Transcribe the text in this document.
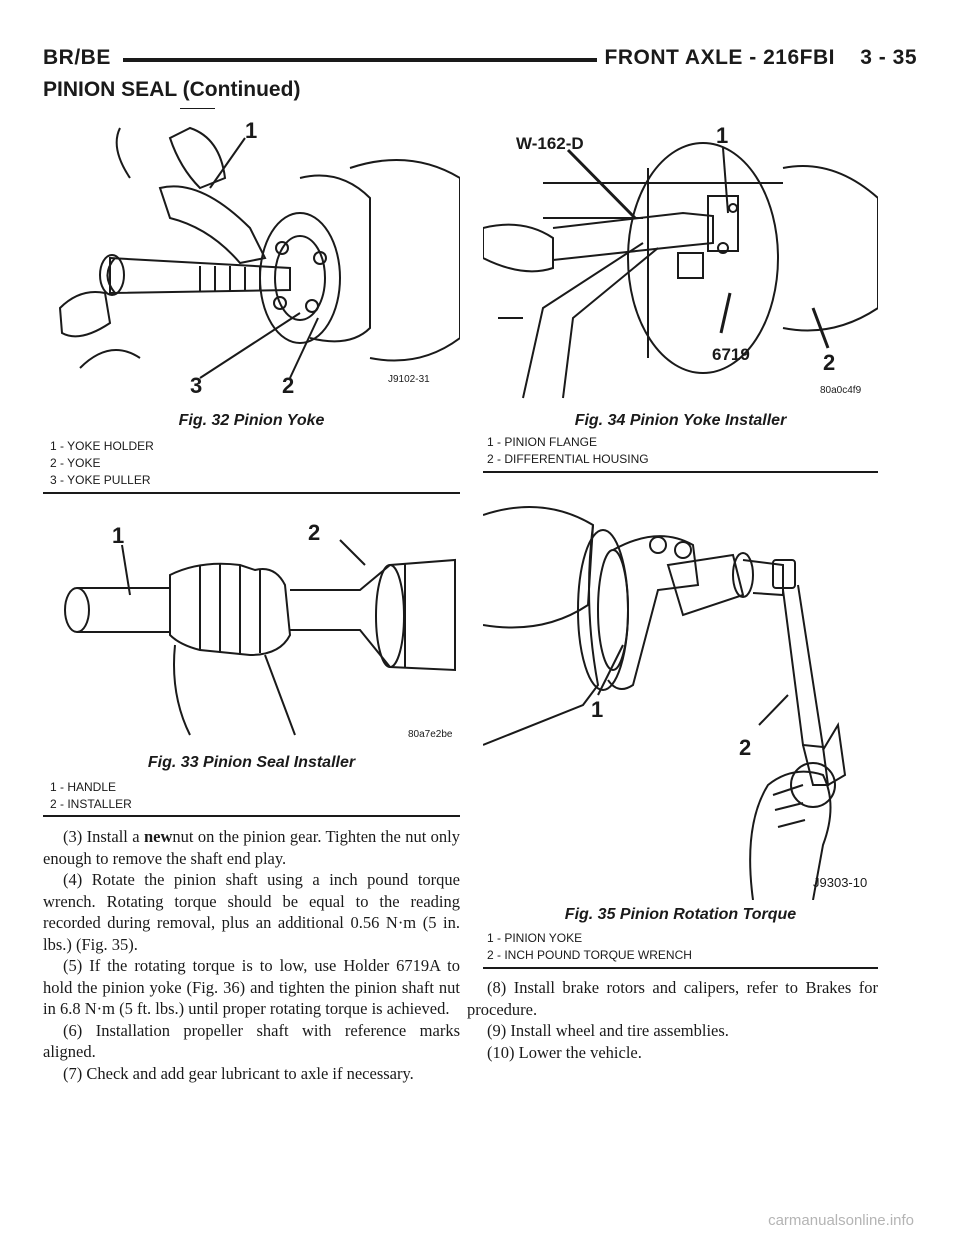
BR/BE	FRONT AXLE - 216FBI    3 - 35
PINION SEAL (Continued)
1
2
3	J9102-31
Fig. 32 Pinion Yoke
1 - YOKE HOLDER
2 - YOKE
3 - YOKE PULLER
1	2
80a7e2be
Fig. 33 Pinion Seal Installer
1 - HANDLE
2 - INSTALLER

(3) Install a newnut on the pinion gear. Tighten the nut only enough to remove the shaft end play.

(4) Rotate the pinion shaft using a inch pound torque wrench. Rotating torque should be equal to the reading recorded during removal, plus an additional 0.56 N·m (5 in. lbs.) (Fig. 35).

(5) If the rotating torque is to low, use Holder 6719A to hold the pinion yoke (Fig. 36) and tighten the pinion shaft nut in 6.8 N·m (5 ft. lbs.) until proper rotating torque is achieved.

(6) Installation propeller shaft with reference marks aligned.

(7) Check and add gear lubricant to axle if necessary.

W-162-D	1
6719	2
80a0c4f9
Fig. 34 Pinion Yoke Installer
1 - PINION FLANGE
2 - DIFFERENTIAL HOUSING
1
2
J9303-10
Fig. 35 Pinion Rotation Torque
1 - PINION YOKE
2 - INCH POUND TORQUE WRENCH

(8) Install brake rotors and calipers, refer to Brakes for procedure.

(9) Install wheel and tire assemblies.

(10) Lower the vehicle.

carmanualsonline.info
